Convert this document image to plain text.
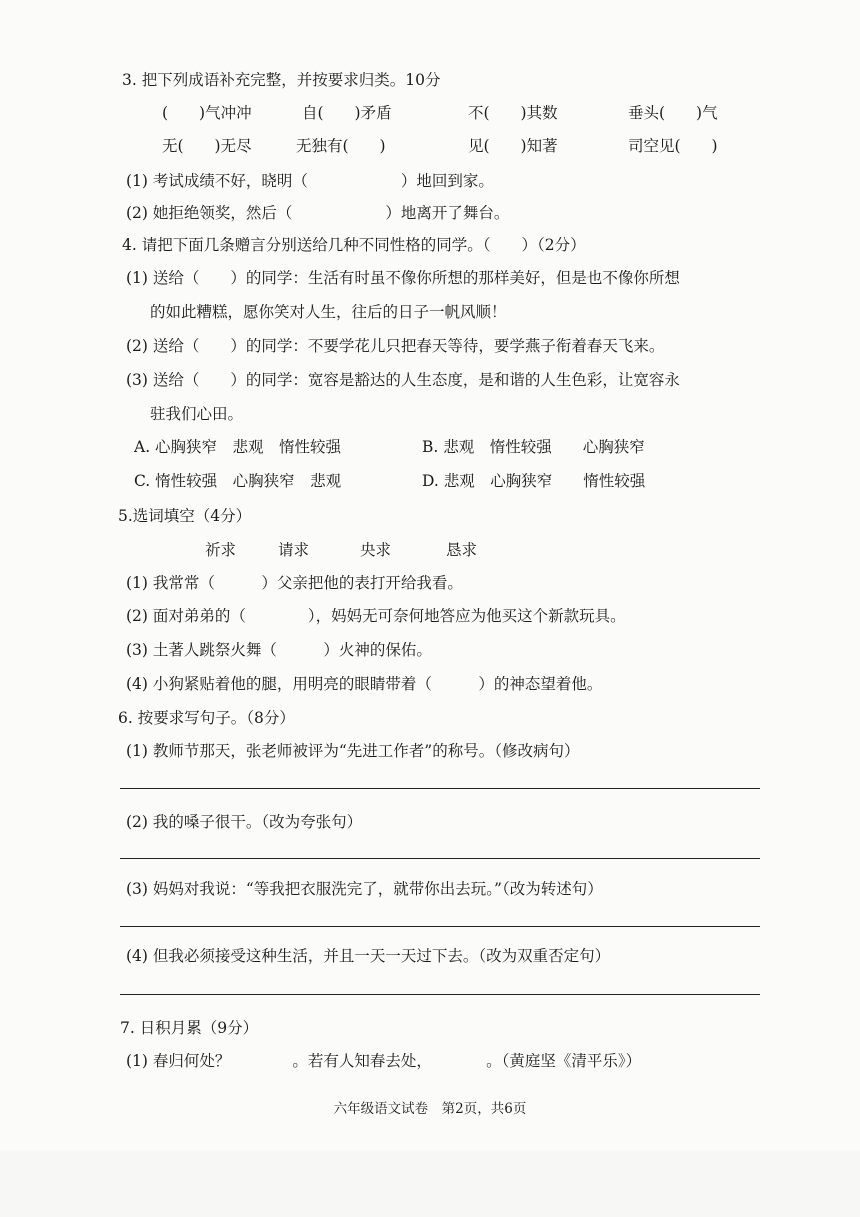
3. 把下列成语补充完整，并按要求归类。10分
(　　)气冲冲	自(　　)矛盾	不(　　)其数	垂头(　　)气
无(　　)无尽	无独有(　　)	见(　　)知著	司空见(　　)
(1) 考试成绩不好，晓明（　　　　　　）地回到家。
(2) 她拒绝领奖，然后（　　　　　　）地离开了舞台。
4. 请把下面几条赠言分别送给几种不同性格的同学。（　　）（2分）
(1) 送给（　　）的同学：生活有时虽不像你所想的那样美好，但是也不像你所想
的如此糟糕，愿你笑对人生，往后的日子一帆风顺！
(2) 送给（　　）的同学：不要学花儿只把春天等待，要学燕子衔着春天飞来。
(3) 送给（　　）的同学：宽容是豁达的人生态度，是和谐的人生色彩，让宽容永
驻我们心田。
A. 心胸狭窄　悲观　惰性较强	B. 悲观　惰性较强　　心胸狭窄
C. 惰性较强　心胸狭窄　悲观	D. 悲观　心胸狭窄　　惰性较强
5.选词填空（4分）
祈求	请求	央求	恳求
(1) 我常常（　　　）父亲把他的表打开给我看。
(2) 面对弟弟的（　　　　），妈妈无可奈何地答应为他买这个新款玩具。
(3) 土著人跳祭火舞（　　　）火神的保佑。
(4) 小狗紧贴着他的腿，用明亮的眼睛带着（　　　）的神态望着他。
6. 按要求写句子。（8分）
(1) 教师节那天，张老师被评为“先进工作者”的称号。（修改病句）
(2) 我的嗓子很干。（改为夸张句）
(3) 妈妈对我说：“等我把衣服洗完了，就带你出去玩。”（改为转述句）
(4) 但我必须接受这种生活，并且一天一天过下去。（改为双重否定句）
7. 日积月累（9分）
(1) 春归何处？　　　　。若有人知春去处，　　　　。（黄庭坚《清平乐》）
六年级语文试卷　第2页，共6页
